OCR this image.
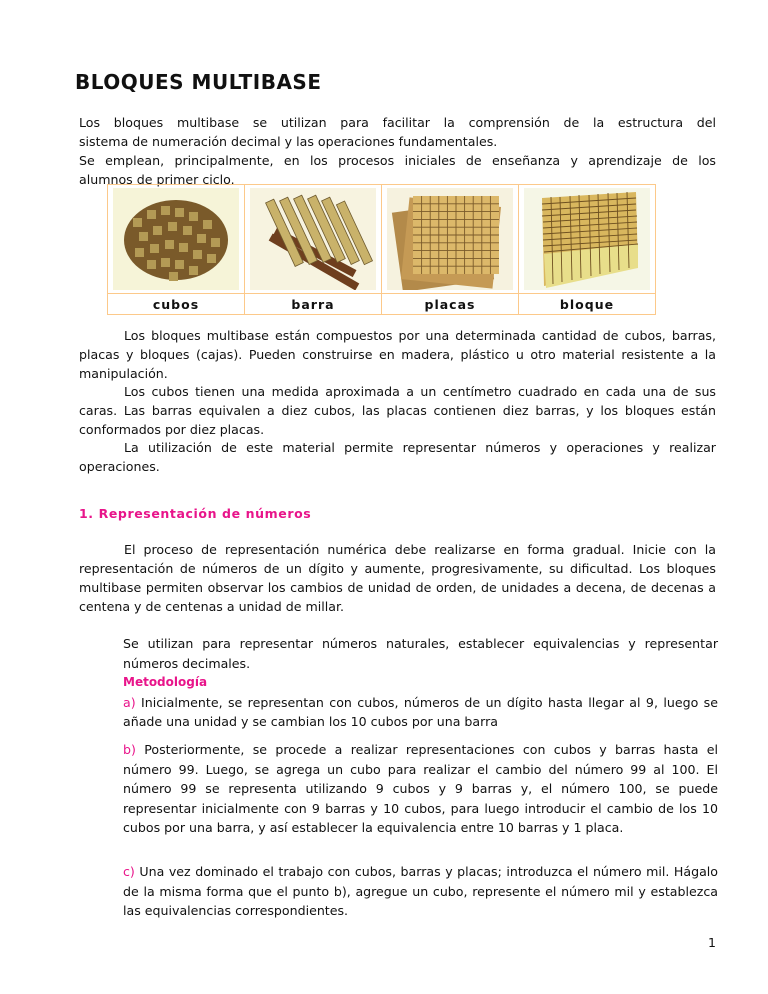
BLOQUES MULTIBASE
Los bloques multibase se utilizan para facilitar la comprensión de la estructura del
sistema de numeración decimal y las operaciones fundamentales.
Se emplean, principalmente, en los procesos iniciales de enseñanza y aprendizaje de los
alumnos de primer ciclo.

cubos	barra	placas	bloque
Los bloques multibase están compuestos por una determinada cantidad de cubos, barras, placas y bloques (cajas). Pueden construirse en madera, plástico u otro material resistente a la manipulación.
Los cubos tienen una medida aproximada a un centímetro cuadrado en cada una de sus caras. Las barras equivalen a diez cubos, las placas contienen diez barras, y los bloques están conformados por diez placas.
La utilización de este material permite representar números y operaciones y realizar operaciones.
1. Representación de números
El proceso de representación numérica debe realizarse en forma gradual. Inicie con la representación de números de un dígito y aumente, progresivamente, su dificultad. Los bloques multibase permiten observar los cambios de unidad de orden, de unidades a decena, de decenas a centena y de centenas a unidad de millar.
Se utilizan para representar números naturales, establecer equivalencias y representar números decimales.
Metodología
a) Inicialmente, se representan con cubos, números de un dígito hasta llegar al 9, luego se añade una unidad y se cambian los 10 cubos por una barra
b) Posteriormente, se procede a realizar representaciones con cubos y barras hasta el número 99. Luego, se agrega un cubo para realizar el cambio del número 99 al 100. El número 99 se representa utilizando 9 cubos y 9 barras y, el número 100, se puede representar inicialmente con 9 barras y 10 cubos, para luego introducir el cambio de los 10 cubos por una barra, y así establecer la equivalencia entre 10 barras y 1 placa.
c) Una vez dominado el trabajo con cubos, barras y placas; introduzca el número mil. Hágalo de la misma forma que el punto b), agregue un cubo, represente el número mil y establezca las equivalencias correspondientes.
1
